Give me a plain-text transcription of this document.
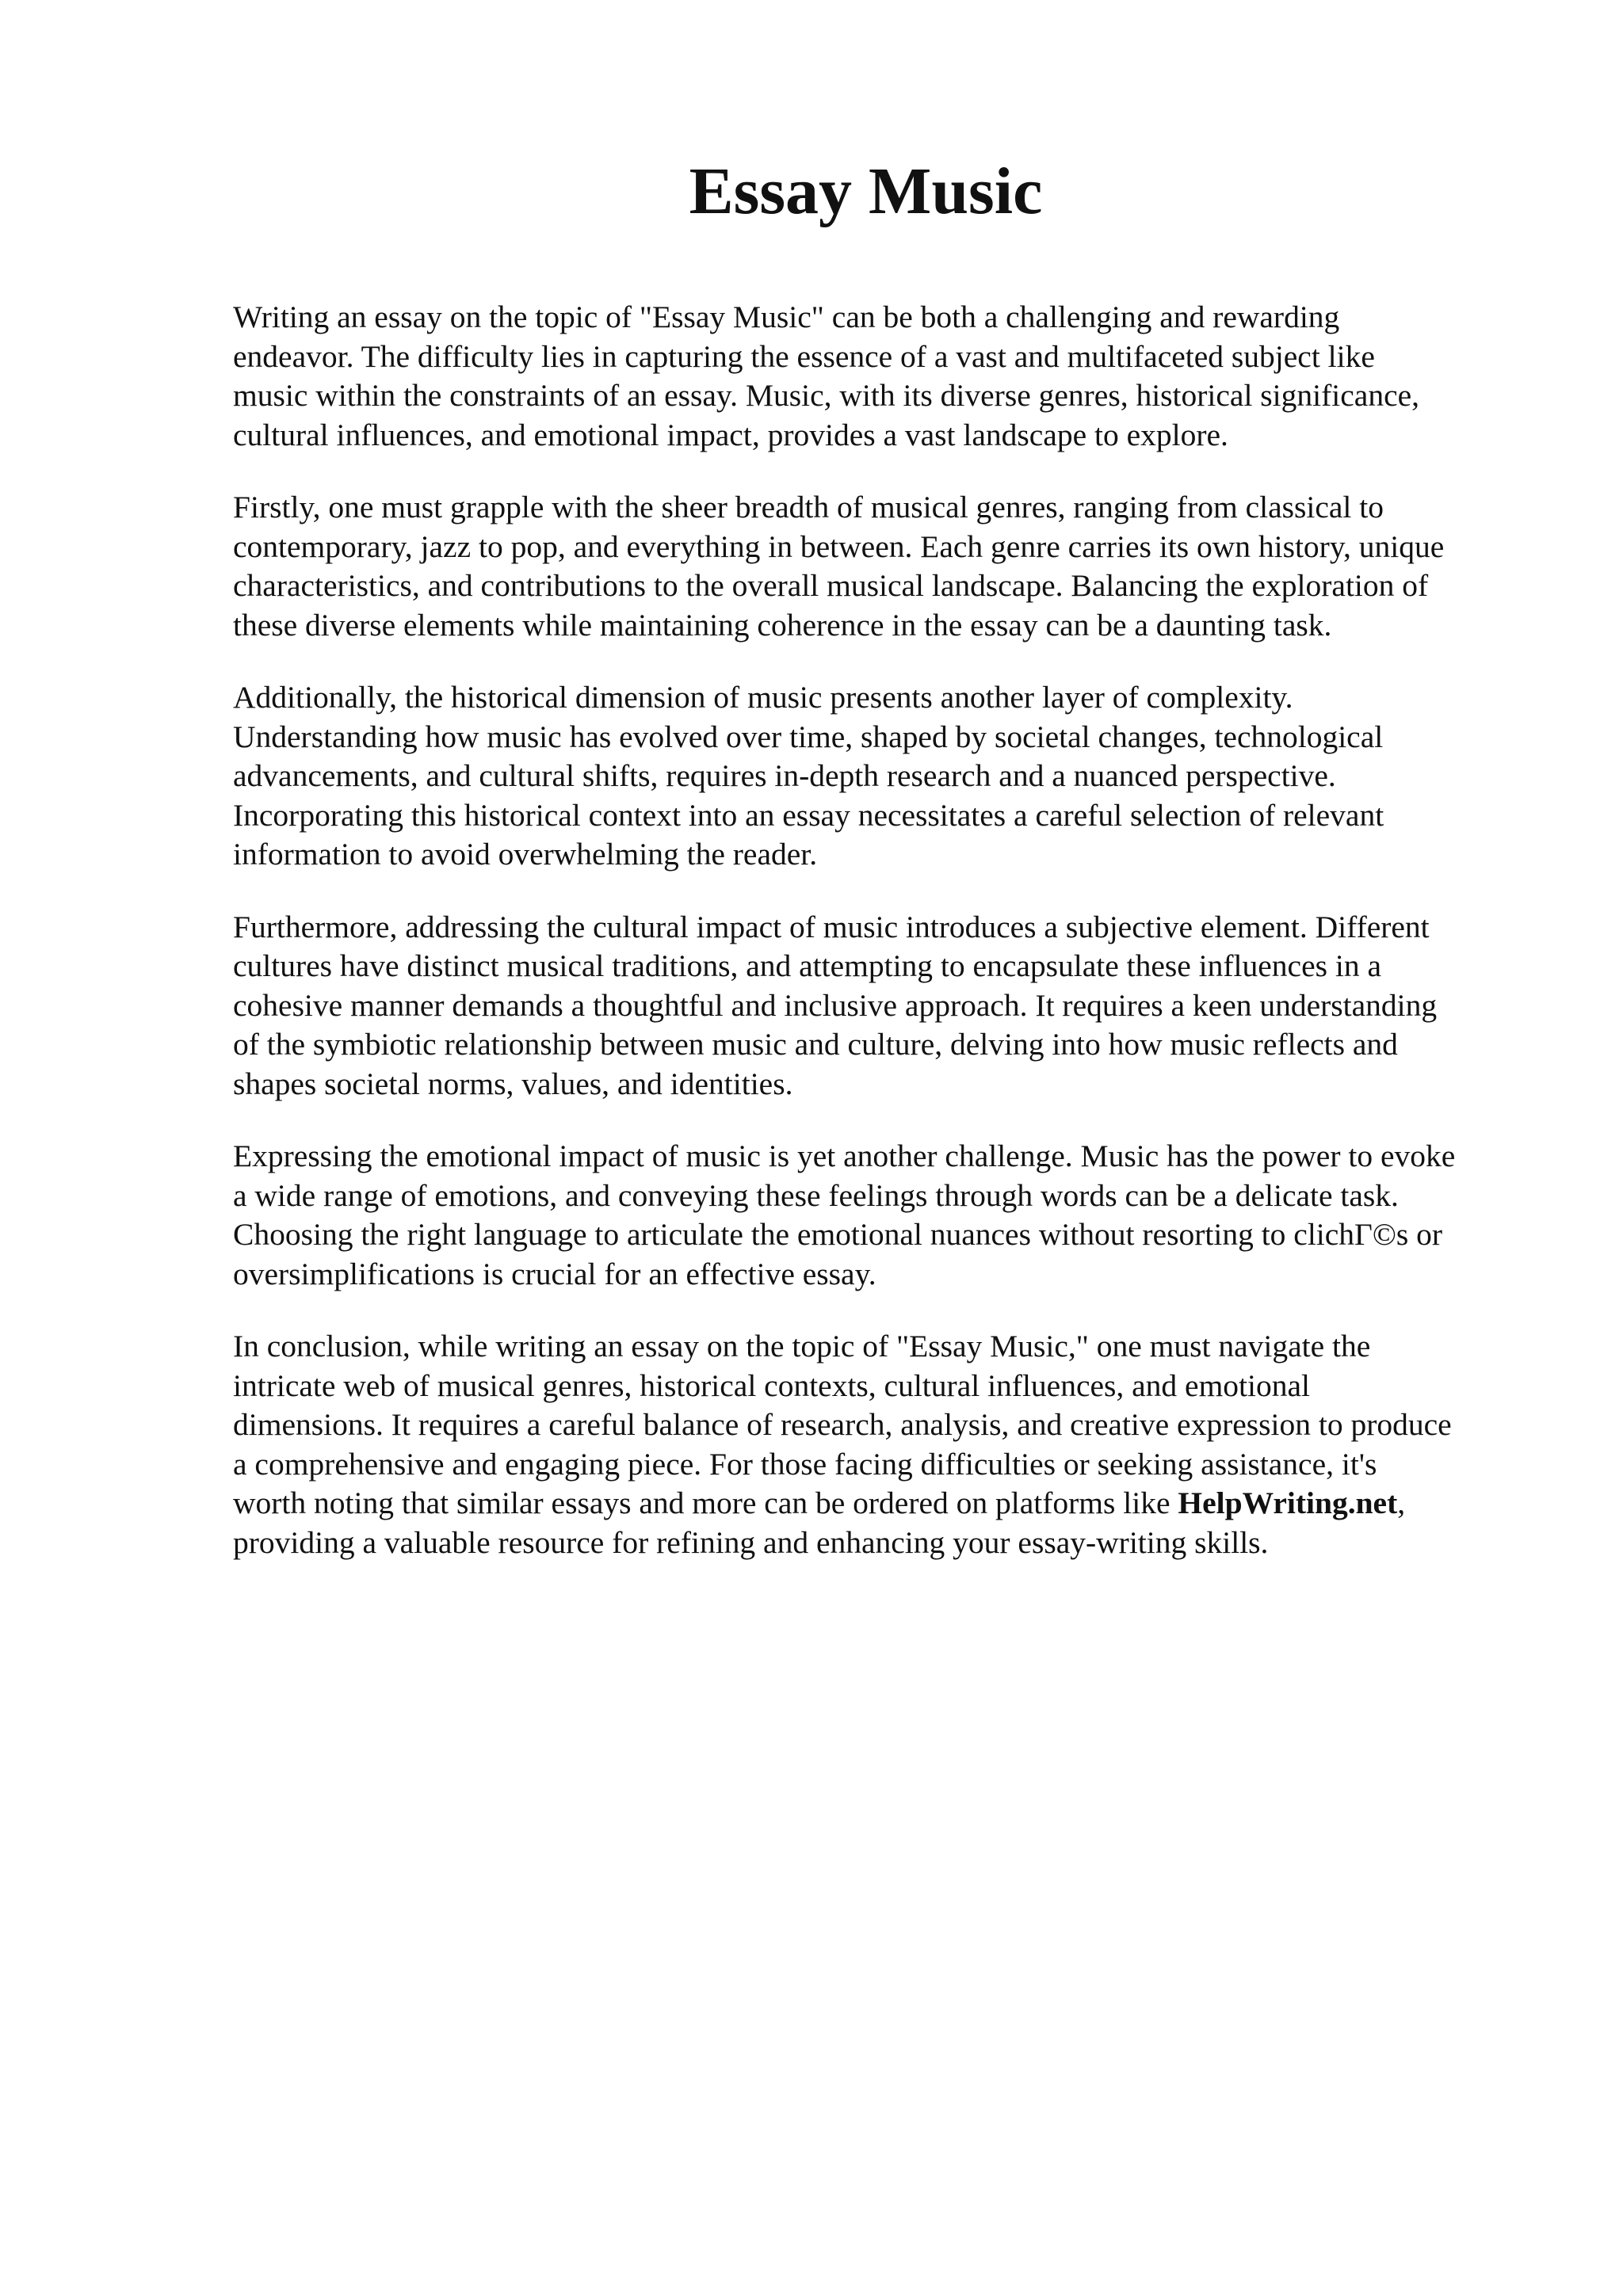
Essay Music

Writing an essay on the topic of "Essay Music" can be both a challenging and rewarding
endeavor. The difficulty lies in capturing the essence of a vast and multifaceted subject like
music within the constraints of an essay. Music, with its diverse genres, historical significance,
cultural influences, and emotional impact, provides a vast landscape to explore.

Firstly, one must grapple with the sheer breadth of musical genres, ranging from classical to
contemporary, jazz to pop, and everything in between. Each genre carries its own history, unique
characteristics, and contributions to the overall musical landscape. Balancing the exploration of
these diverse elements while maintaining coherence in the essay can be a daunting task.

Additionally, the historical dimension of music presents another layer of complexity.
Understanding how music has evolved over time, shaped by societal changes, technological
advancements, and cultural shifts, requires in-depth research and a nuanced perspective.
Incorporating this historical context into an essay necessitates a careful selection of relevant
information to avoid overwhelming the reader.

Furthermore, addressing the cultural impact of music introduces a subjective element. Different
cultures have distinct musical traditions, and attempting to encapsulate these influences in a
cohesive manner demands a thoughtful and inclusive approach. It requires a keen understanding
of the symbiotic relationship between music and culture, delving into how music reflects and
shapes societal norms, values, and identities.

Expressing the emotional impact of music is yet another challenge. Music has the power to evoke
a wide range of emotions, and conveying these feelings through words can be a delicate task.
Choosing the right language to articulate the emotional nuances without resorting to clichГ©s or
oversimplifications is crucial for an effective essay.

In conclusion, while writing an essay on the topic of "Essay Music," one must navigate the
intricate web of musical genres, historical contexts, cultural influences, and emotional
dimensions. It requires a careful balance of research, analysis, and creative expression to produce
a comprehensive and engaging piece. For those facing difficulties or seeking assistance, it's
worth noting that similar essays and more can be ordered on platforms like HelpWriting.net,
providing a valuable resource for refining and enhancing your essay-writing skills.
